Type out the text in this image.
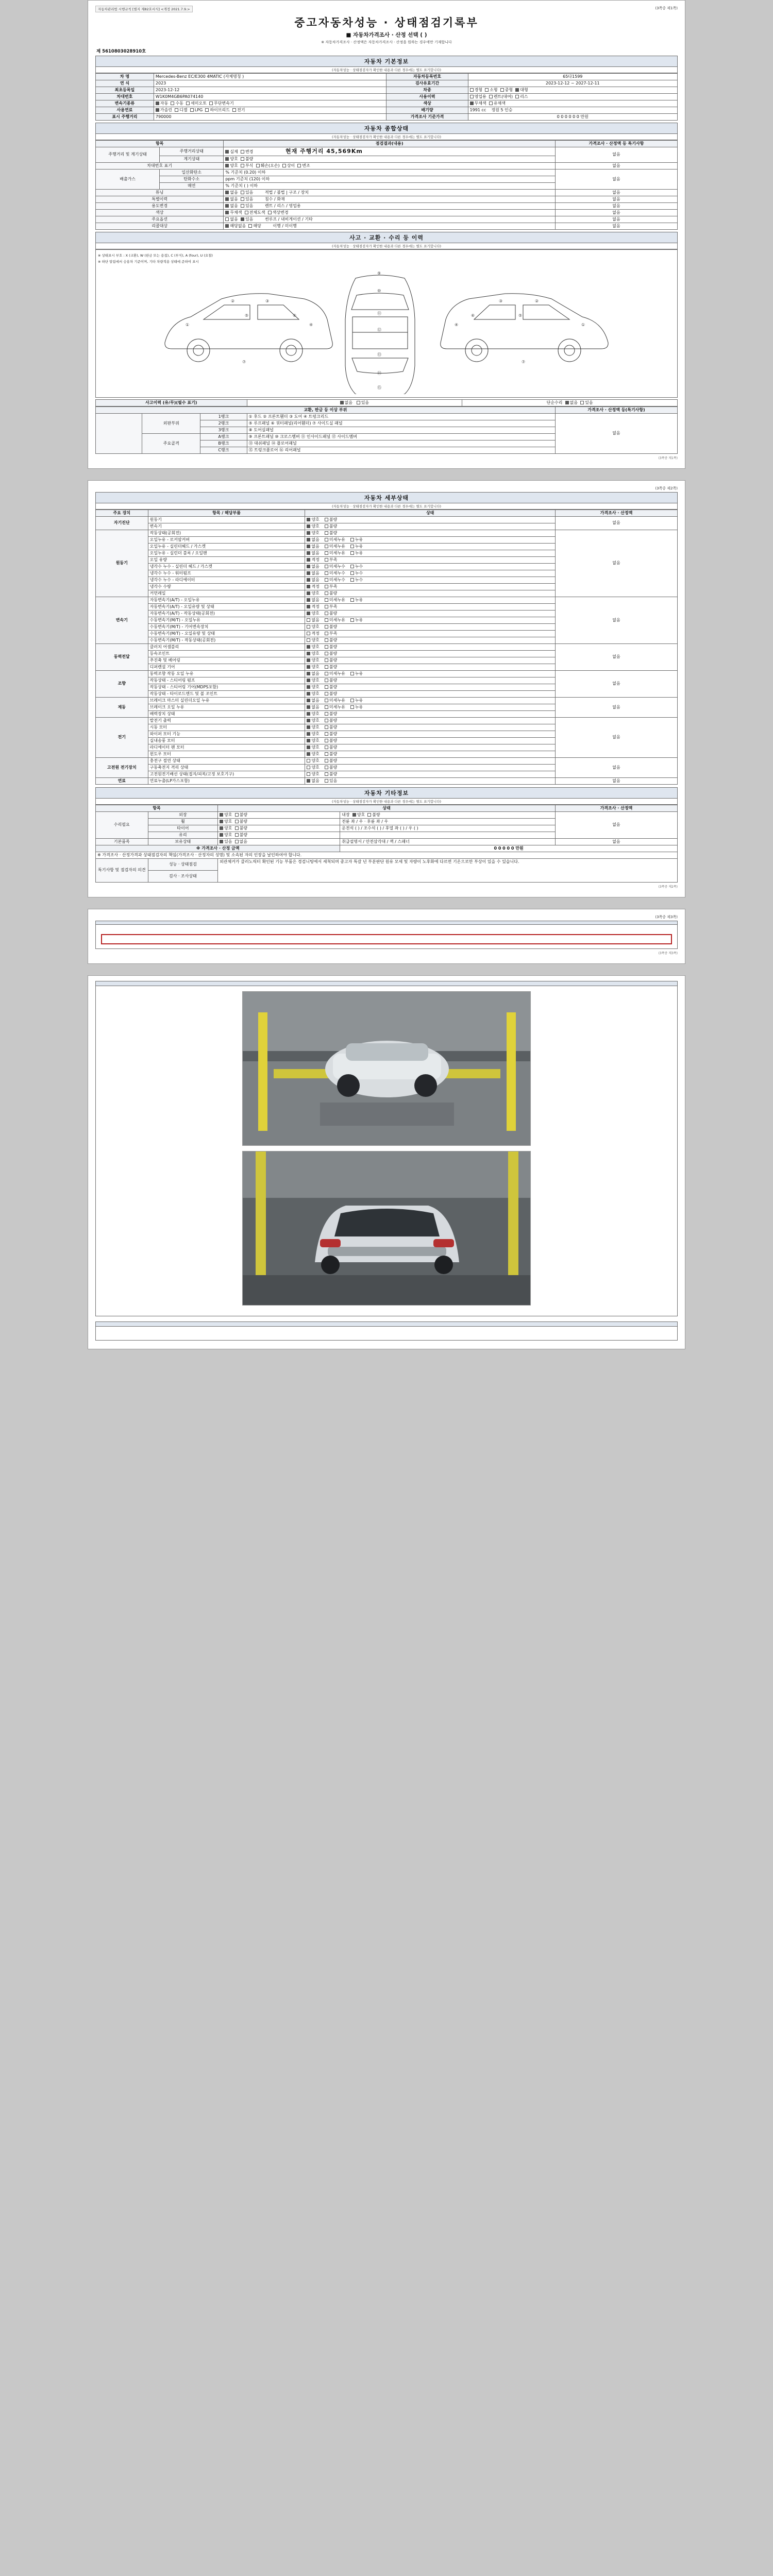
자동차관리법 시행규칙 [별지 제82호서식] <개정 2021.7.9.>	(3쪽중 제1쪽)
중고자동차성능 · 상태점검기록부
■ 자동차가격조사 · 산정 선택 ( )
※ 자동차가격조사 · 산정액은 자동차가격조사 · 산정을 원하는 경우에만 기재합니다
제 5610803028910호
자동차 기본정보
(자동차성능 · 상태점검자가 확인한 내용과 다른 경우에는 별도 표기합니다)
차 명	Mercedes-Benz EC/E300 4MATIC (자체명칭 )	자동차등록번호	65다1599
연 식	2023	검사유효기간	2023-12-12 ~ 2027-12-11
최초등록일	2023-12-12	차종	경형 소형 중형 대형
차대번호	W1K0M4GB6PA074140	사용이력	영업용 렌트(대여) 리스
변속기종류	자동 수동 세미오토 무단변속기	색상	무채색 유채색
사용연료	가솔린 디젤 LPG 하이브리드 전기	배기량	1991 cc 정원 5 인승
표시 주행거리	790000	가격조사 기준가격	0 0 0 0 0 0 만원
자동차 종합상태
(자동차성능 · 상태점검자가 확인한 내용과 다른 경우에는 별도 표기합니다)
항목		점검결과(내용)	가격조사 · 산정액 등 특기사항
주행거리 및 계기상태	주행거리상태	실제 변경 현재 주행거리 45,569Km	없음
	계기상태	양호 불량	
차대번호 표기		양호 부식 훼손(오손) 상이 변조	없음
배출가스	일산화탄소	% 기준치 (0.20) 이하	없음
	탄화수소	ppm 기준치 (120) 이하	
	매연	% 기준치 ( ) 이하	
튜닝		없음 있음 적법 / 불법 | 구조 / 장치	없음
특별이력		없음 있음 침수 / 화재	없음
용도변경		없음 있음 렌트 / 리스 / 영업용	없음
색상		무채색 전체도색 색상변경	없음
주요옵션		없음 있음 썬루프 / 내비게이션 / 기타	없음
리콜대상		해당없음 해당 이행 / 미이행	없음
사고 · 교환 · 수리 등 이력
(자동차성능 · 상태점검자가 확인한 내용과 다른 경우에는 별도 표기합니다)
※ 상태표시 부호 : X (교환), W (판금 또는 용접), C (부식), A (four), U (요철)
※ 하단 알림에서 승용차 기준이며, 기타 차량적용 상태에 준하여 표시
②	③
④
①
⑤	⑥
⑦
⑨
⑩
⑪
⑫
⑬
⑭
⑮
②
③
④	①
⑤
⑥
⑦
사고이력 (유/무)(필수 표기)	없음 있음	단순수리 없음 있음
교환, 판금 등 이상 부위				가격조사 · 산정액 등(특기사항)
	외판부위	1랭크	① 후드 ② 프론트휀더 ③ 도어 ④ 트렁크리드	없음
		2랭크	⑤ 루프패널 ⑥ 쿼터패널(리어휀더) ⑦ 사이드실 패널	
		3랭크	⑧ 도어실패널	
	주요골격	A랭크	⑨ 프론트패널 ⑩ 크로스멤버 ⑪ 인사이드패널 ⑫ 사이드멤버	
		B랭크	⑬ 대쉬패널 ⑭ 플로어패널	
		C랭크	⑮ 트렁크플로어 ⑯ 리어패널	
(3쪽중 제1쪽)
(3쪽중 제2쪽)
자동차 세부상태
(자동차성능 · 상태점검자가 확인한 내용과 다른 경우에는 별도 표기합니다)
주요 장치	항목 / 해당부품	상태	가격조사 · 산정액
자기진단	원동기	양호 불량	없음
	변속기	양호 불량	
원동기	작동상태(공회전)	양호 불량	없음
	오일누유 - 로커암커버	없음 미세누유 누유	
	오일누유 - 실린더헤드 / 가스켓	없음 미세누유 누유	
	오일누유 - 실린더 블록 / 오일팬	없음 미세누유 누유	
	오일 유량	적정 부족	
	냉각수 누수 - 실린더 헤드 / 가스켓	없음 미세누수 누수	
	냉각수 누수 - 워터펌프	없음 미세누수 누수	
	냉각수 누수 - 라디에이터	없음 미세누수 누수	
	냉각수 수량	적정 부족	
	커먼레일	양호 불량	
변속기	자동변속기(A/T) - 오일누유	없음 미세누유 누유	없음
	자동변속기(A/T) - 오일유량 및 상태	적정 부족	
	자동변속기(A/T) - 작동상태(공회전)	양호 불량	
	수동변속기(M/T) - 오일누유	없음 미세누유 누유	
	수동변속기(M/T) - 기어변속장치	양호 불량	
	수동변속기(M/T) - 오일유량 및 상태	적정 부족	
	수동변속기(M/T) - 작동상태(공회전)	양호 불량	
동력전달	클러치 어셈블리	양호 불량	없음
	등속조인트	양호 불량	
	추진축 및 베어링	양호 불량	
	디퍼렌셜 기어	양호 불량	
조향	동력조향 작동 오일 누유	없음 미세누유 누유	없음
	작동상태 - 스티어링 펌프	양호 불량	
	작동상태 - 스티어링 기어(MDPS포함)	양호 불량	
	작동상태 - 타이로드엔드 및 볼 조인트	양호 불량	
제동	브레이크 마스터 실린더오일 누유	없음 미세누유 누유	없음
	브레이크 오일 누유	없음 미세누유 누유	
	배력장치 상태	양호 불량	
전기	발전기 출력	양호 불량	없음
	시동 모터	양호 불량	
	와이퍼 모터 기능	양호 불량	
	실내송풍 모터	양호 불량	
	라디에이터 팬 모터	양호 불량	
	윈도우 모터	양호 불량	
고전원 전기장치	충전구 절연 상태	양호 불량	없음
	구동축전지 격리 상태	양호 불량	
	고전원전기배선 상태(접지/피복/고정 보호기구)	양호 불량	
연료	연료누출(LP가스포함)	없음 있음	없음
자동차 기타정보
(자동차성능 · 상태점검자가 확인한 내용과 다른 경우에는 별도 표기합니다)
항목		상태		가격조사 · 산정액
수리필요	외장	양호 불량	내장 양호 불량	없음
	휠	양호 불량	전륜 좌 / 우 · 후륜 좌 / 우	
	타이어	양호 불량	운전석 ( ) / 조수석 ( ) / 후열 좌 ( ) / 우 ( )	
	유리	양호 불량		
기본품목	보유상태	있음 없음	취급설명서 / 안전삼각대 / 잭 / 스패너	없음
※ 가격조사 · 산정 금액			0 0 0 0 0 만원	
※ 가격조사 · 산정가격과 상태점검자의 책임(가격조사 · 산정자의 성명) 및 소속된 자의 인장을 날인하여야 합니다.				
특기사항 및 점검자의 의견	성능 · 상태점검	외관체커카 클러노릭터 확인된 기능 부품은 경검니팅에서 세척되며 중고자 특갈 년 부분판단 원유 모세 및 자량이 노후화에 다르면 기온으로만 부상이 있을 수 있습니다.		
	검사 · 조사상태			
(3쪽중 제2쪽)
(3쪽중 제3쪽)
(3쪽중 제3쪽)
